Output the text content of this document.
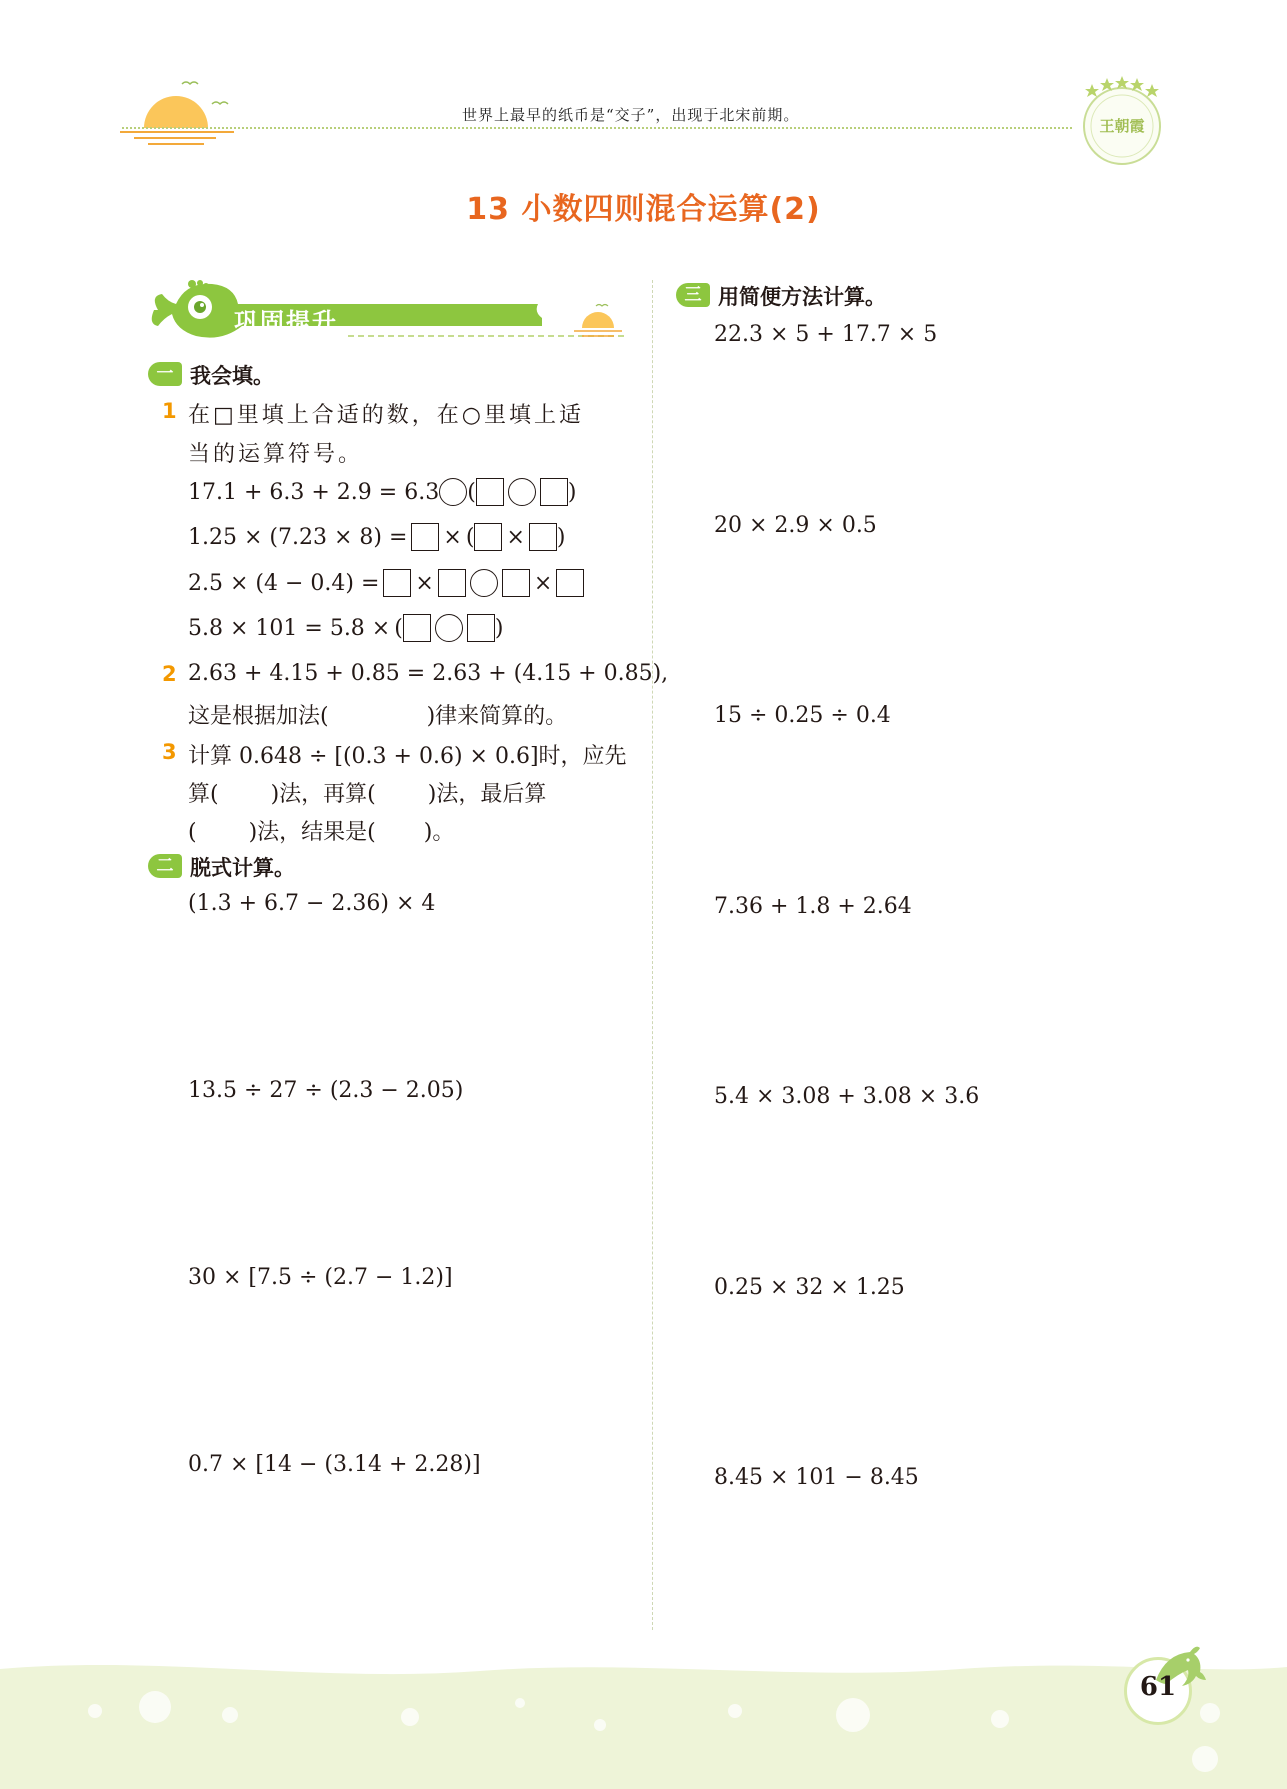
世界上最早的纸币是“交子”，出现于北宋前期。
王朝霞
13 小数四则混合运算(2)
巩固提升
一 我会填。
1 在□里填上合适的数，在○里填上适
当的运算符号。
17.1 + 6.3 + 2.9 = 6.3 (	)
1.25 × (7.23 × 8) = × ( × )
2.5 × (4 − 0.4) = ×	×
5.8 × 101 = 5.8 × (	)
2 2.63 + 4.15 + 0.85 = 2.63 + (4.15 + 0.85),
这是根据加法(	)律来简算的。
3 计算 0.648 ÷ [(0.3 + 0.6) × 0.6]时，应先
算( )法，再算( )法，最后算
( )法，结果是( )。
二 脱式计算。
(1.3 + 6.7 − 2.36) × 4
13.5 ÷ 27 ÷ (2.3 − 2.05)
30 × [7.5 ÷ (2.7 − 1.2)]
0.7 × [14 − (3.14 + 2.28)]
三 用简便方法计算。
22.3 × 5 + 17.7 × 5
20 × 2.9 × 0.5
15 ÷ 0.25 ÷ 0.4
7.36 + 1.8 + 2.64
5.4 × 3.08 + 3.08 × 3.6
0.25 × 32 × 1.25
8.45 × 101 − 8.45
61
